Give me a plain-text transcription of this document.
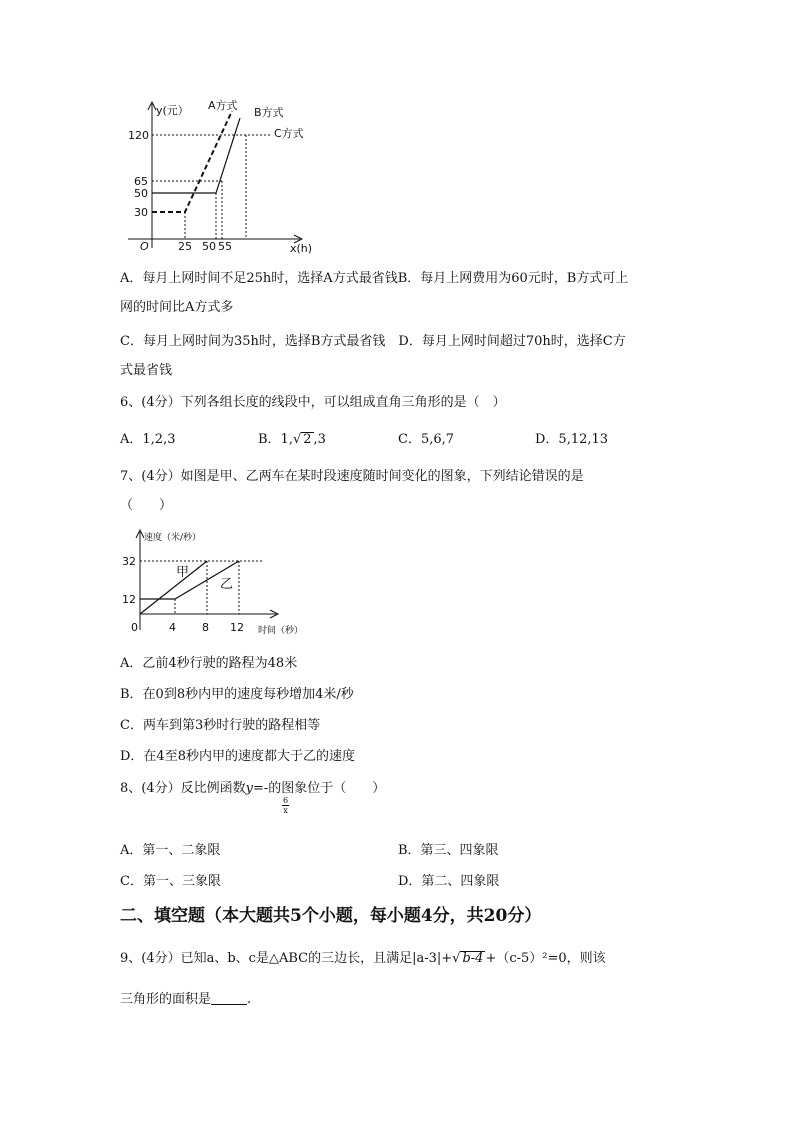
y(元） A方式
B方式
C方式
120
65
50
30
O	25 50 55	x(h)
A．每月上网时间不足25h时，选择A方式最省钱B．每月上网费用为60元时，B方式可上
网的时间比A方式多
C．每月上网时间为35h时，选择B方式最省钱　D．每月上网时间超过70h时，选择C方
式最省钱
6、(4分）下列各组长度的线段中，可以组成直角三角形的是（　）
A．1,2,3	B．1,√ 2 ,3	C．5,6,7	D．5,12,13
7、(4分）如图是甲、乙两车在某时段速度随时间变化的图象，下列结论错误的是
（　　）
速度（米/秒）
32
12
0	4 8 12 时间（秒）
甲
乙
A．乙前4秒行驶的路程为48米
B．在0到8秒内甲的速度每秒增加4米/秒
C．两车到第3秒时行驶的路程相等
D．在4至8秒内甲的速度都大于乙的速度
8、(4分）反比例函数y=-的图象位于（　　）
$\frac{6}{x}$
A．第一、二象限	B．第三、四象限
C．第一、三象限	D．第二、四象限
二、填空题（本大题共5个小题，每小题4分，共20分）
9、(4分）已知a、b、c是△ABC的三边长，且满足|a-3|+√ b-4 +（c-5）²=0，则该
三角形的面积是	.
